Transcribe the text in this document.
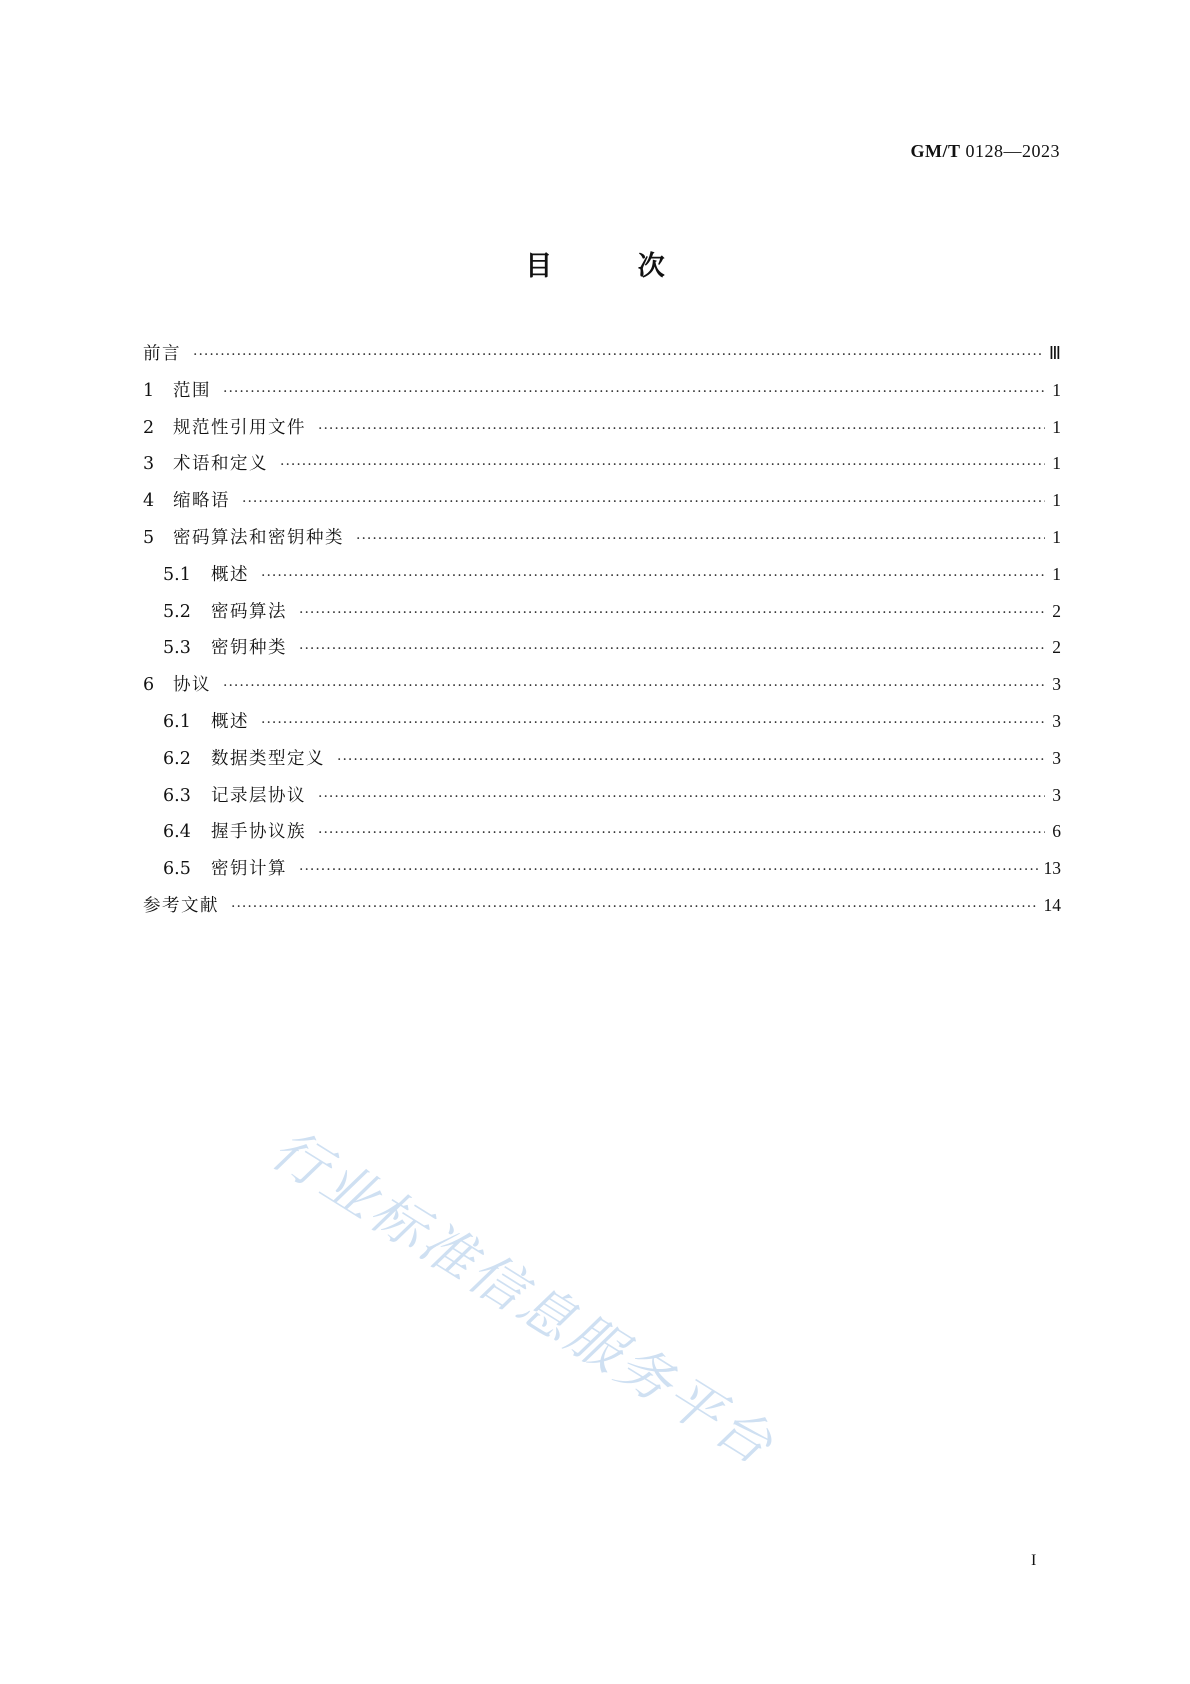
GM/T 0128—2023
目	次
前言 ·····	Ⅲ
1	范围 ·····	1
2	规范性引用文件 ·····	1
3	术语和定义 ·····	1
4	缩略语 ·····	1
5	密码算法和密钥种类 ·····	1
5.1	概述 ·····	1
5.2	密码算法 ·····	2
5.3	密钥种类 ·····	2
6	协议 ·····	3
6.1	概述 ·····	3
6.2	数据类型定义 ·····	3
6.3	记录层协议 ·····	3
6.4	握手协议族 ·····	6
6.5	密钥计算 ·····	13
参考文献 ·····	14
行业标准信息服务平台
I
